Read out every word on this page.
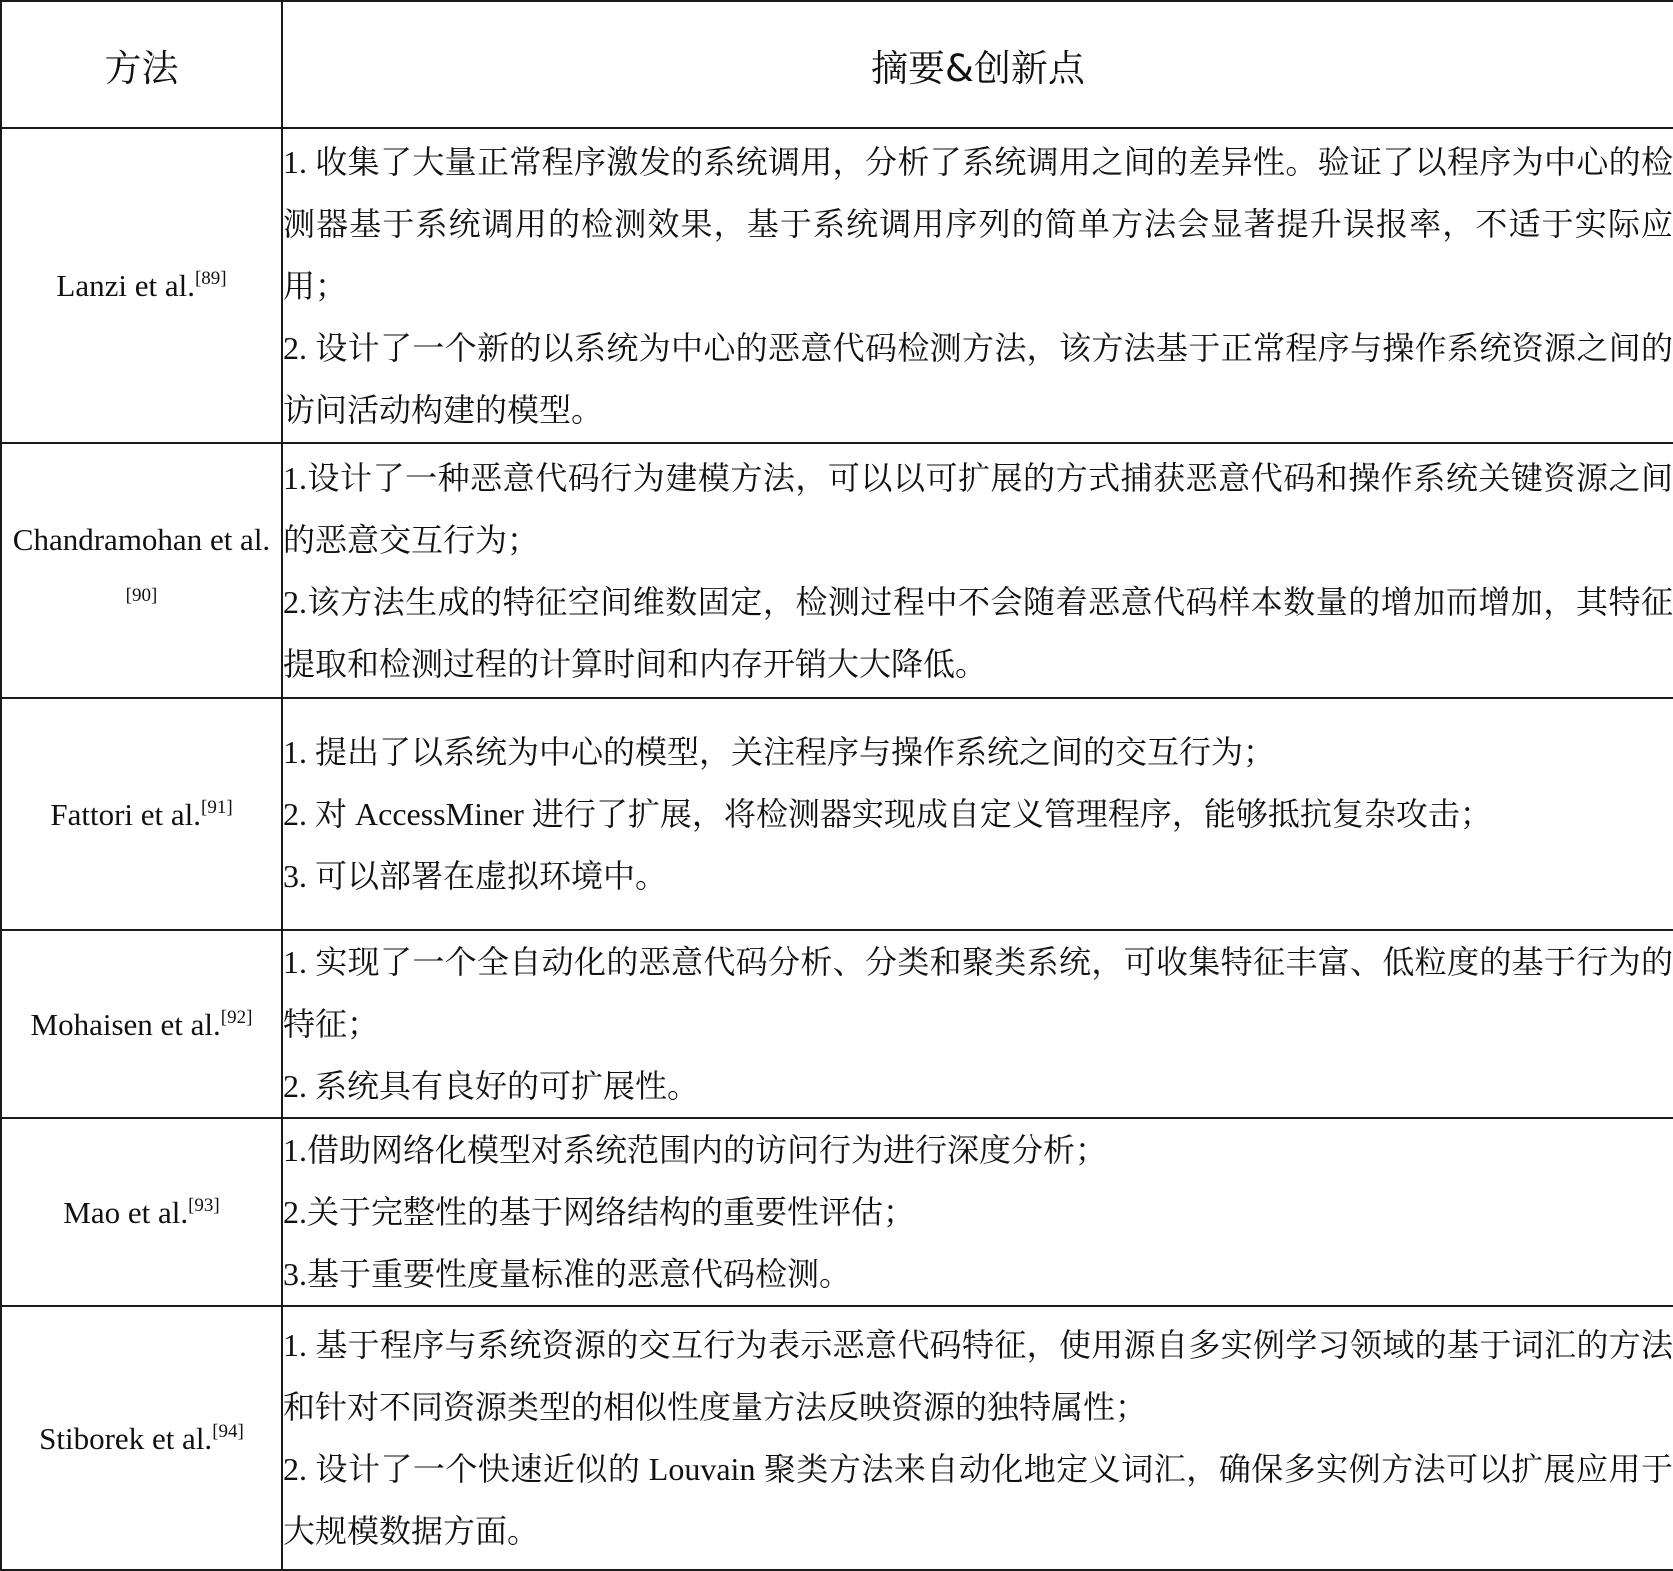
方法	摘要&创新点
Lanzi et al.[89]	1. 收集了大量正常程序激发的系统调用，分析了系统调用之间的差异性。验证了以程序为中心的检测器基于系统调用的检测效果，基于系统调用序列的简单方法会显著提升误报率，不适于实际应用；
2. 设计了一个新的以系统为中心的恶意代码检测方法，该方法基于正常程序与操作系统资源之间的访问活动构建的模型。

Chandramohan et al.[90]	1.设计了一种恶意代码行为建模方法，可以以可扩展的方式捕获恶意代码和操作系统关键资源之间的恶意交互行为；
2.该方法生成的特征空间维数固定，检测过程中不会随着恶意代码样本数量的增加而增加，其特征提取和检测过程的计算时间和内存开销大大降低。

Fattori et al.[91]	1. 提出了以系统为中心的模型，关注程序与操作系统之间的交互行为；
2. 对 AccessMiner 进行了扩展，将检测器实现成自定义管理程序，能够抵抗复杂攻击；
3. 可以部署在虚拟环境中。

Mohaisen et al.[92]	1. 实现了一个全自动化的恶意代码分析、分类和聚类系统，可收集特征丰富、低粒度的基于行为的特征；
2. 系统具有良好的可扩展性。

Mao et al.[93]	1.借助网络化模型对系统范围内的访问行为进行深度分析；
2.关于完整性的基于网络结构的重要性评估；
3.基于重要性度量标准的恶意代码检测。

Stiborek et al.[94]	1. 基于程序与系统资源的交互行为表示恶意代码特征，使用源自多实例学习领域的基于词汇的方法和针对不同资源类型的相似性度量方法反映资源的独特属性；
2. 设计了一个快速近似的 Louvain 聚类方法来自动化地定义词汇，确保多实例方法可以扩展应用于大规模数据方面。
